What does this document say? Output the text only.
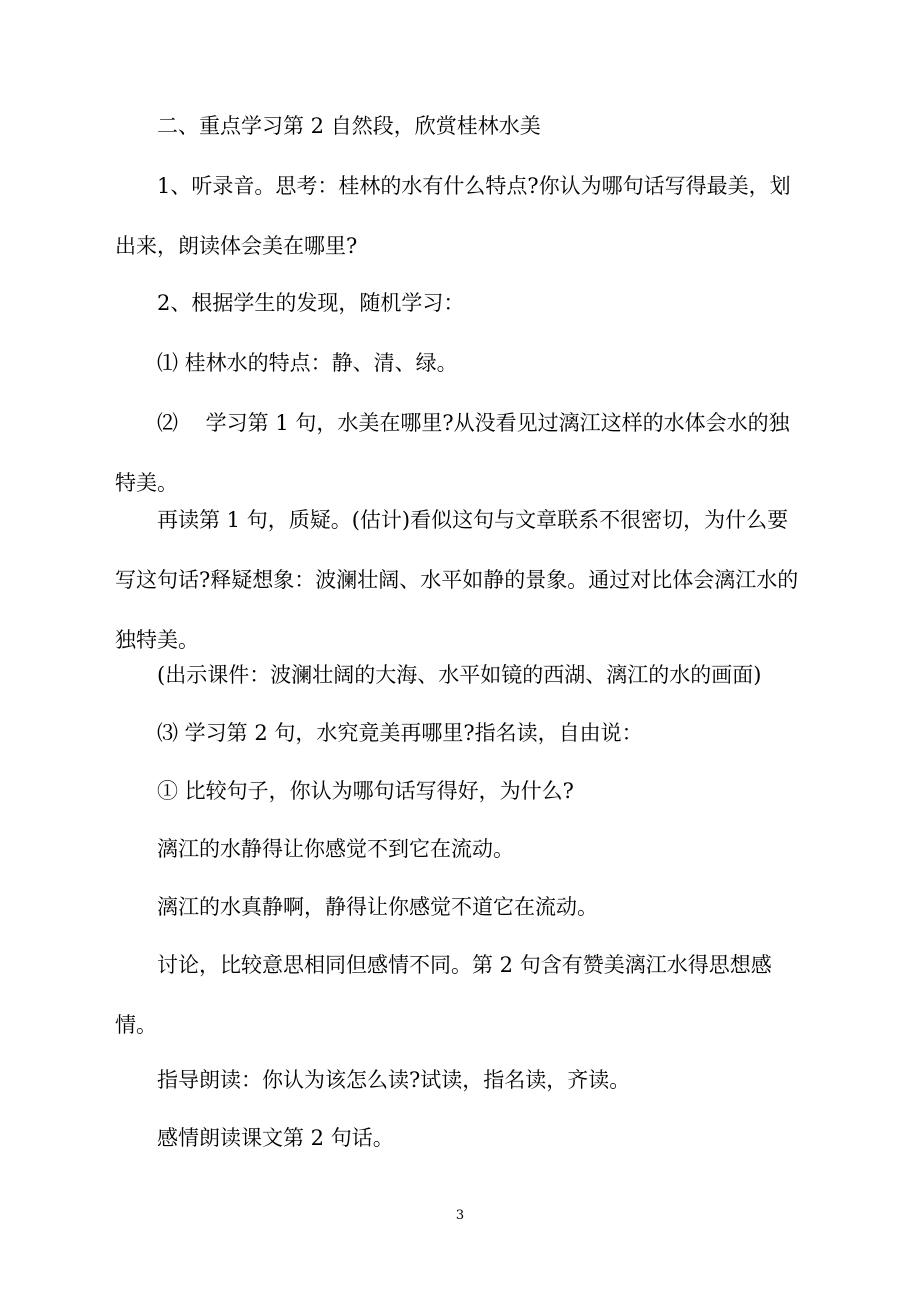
二、重点学习第 2 自然段，欣赏桂林水美

1、听录音。思考：桂林的水有什么特点?你认为哪句话写得最美，划出来，朗读体会美在哪里?

2、根据学生的发现，随机学习：

⑴ 桂林水的特点：静、清、绿。

⑵ 　学习第 1 句，水美在哪里?从没看见过漓江这样的水体会水的独特美。

再读第 1 句，质疑。(估计)看似这句与文章联系不很密切，为什么要写这句话?释疑想象：波澜壮阔、水平如静的景象。通过对比体会漓江水的独特美。

(出示课件：波澜壮阔的大海、水平如镜的西湖、漓江的水的画面)

⑶ 学习第 2 句，水究竟美再哪里?指名读，自由说：

① 比较句子，你认为哪句话写得好，为什么?

漓江的水静得让你感觉不到它在流动。

漓江的水真静啊，静得让你感觉不道它在流动。

讨论，比较意思相同但感情不同。第 2 句含有赞美漓江水得思想感情。

指导朗读：你认为该怎么读?试读，指名读，齐读。

感情朗读课文第 2 句话。

3
